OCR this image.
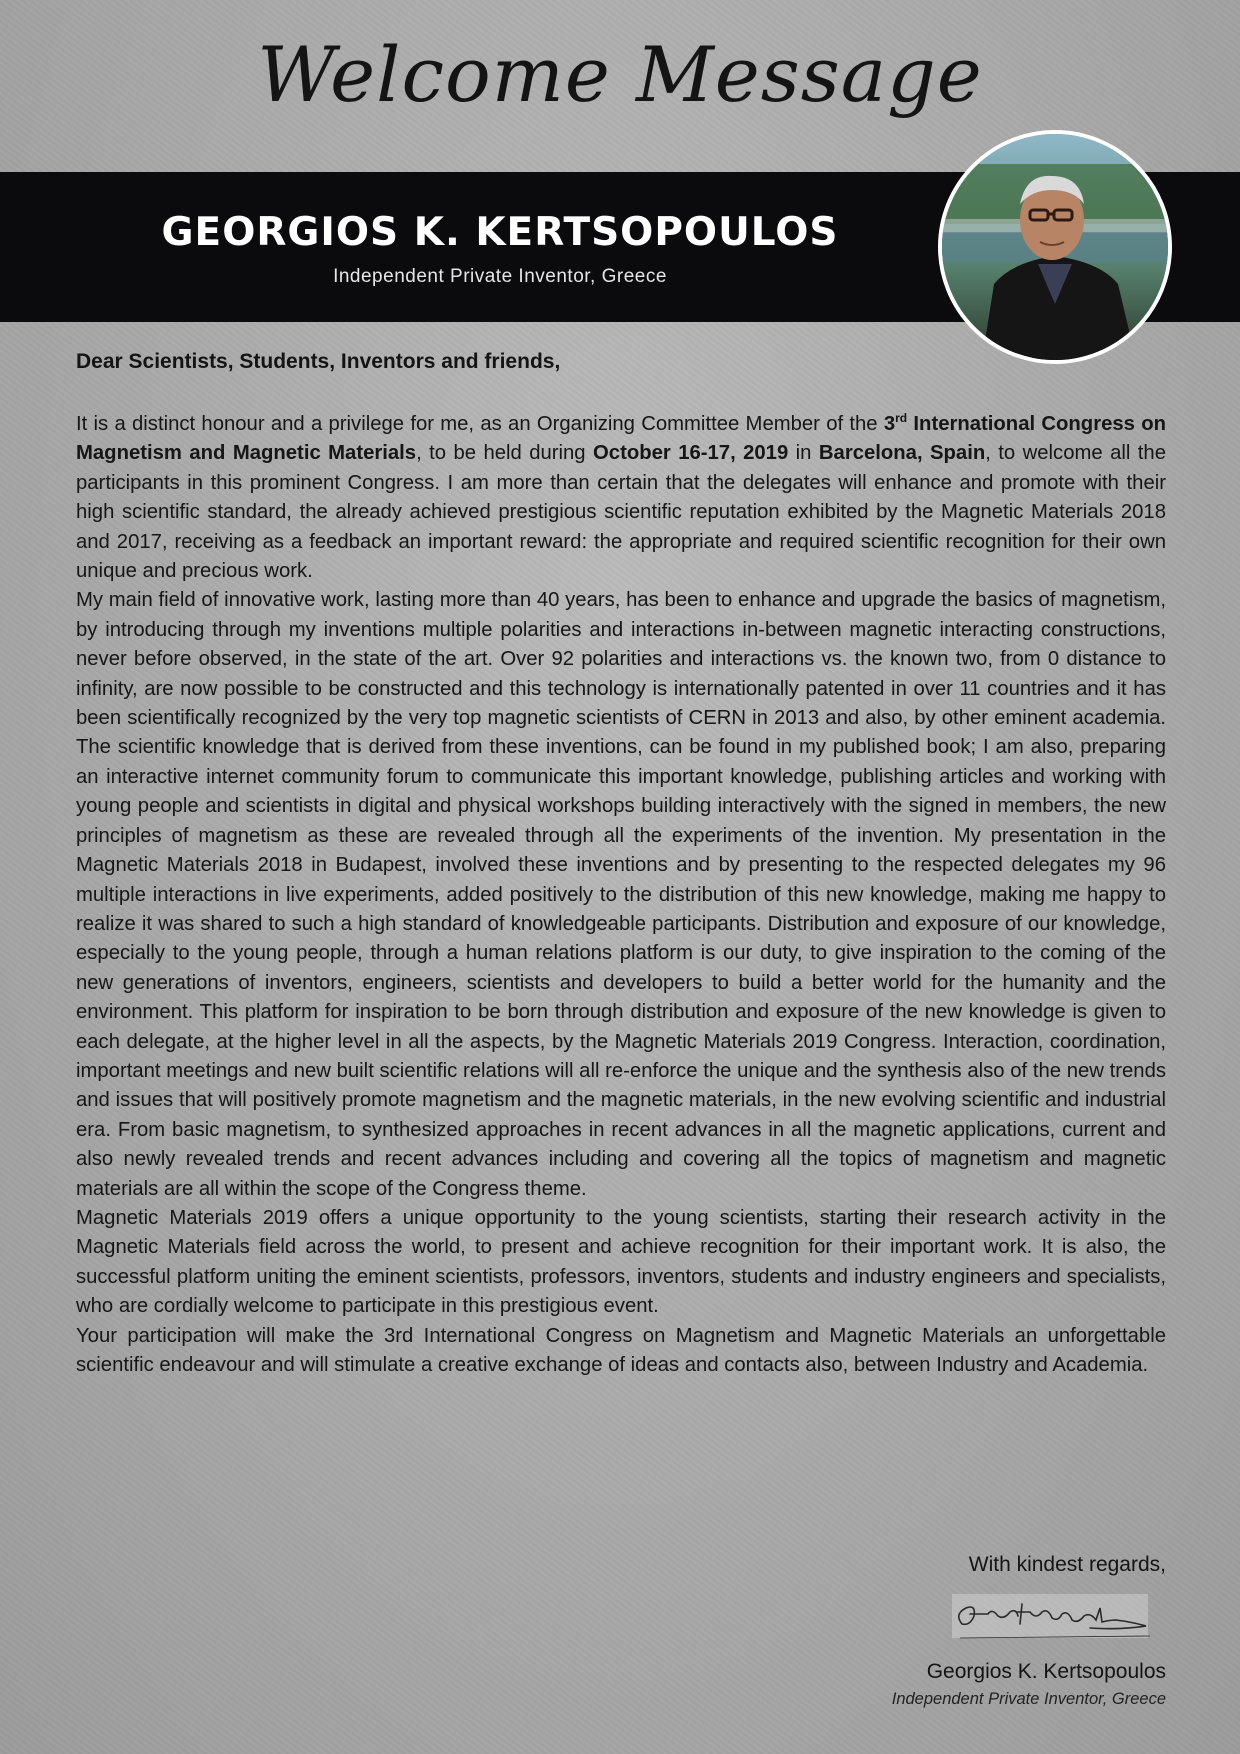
Welcome Message
GEORGIOS K. KERTSOPOULOS

Independent Private Inventor, Greece

Dear Scientists, Students, Inventors and friends,

It is a distinct honour and a privilege for me, as an Organizing Committee Member of the 3rd International Congress on Magnetism and Magnetic Materials, to be held during October 16-17, 2019 in Barcelona, Spain, to welcome all the participants in this prominent Congress. I am more than certain that the delegates will enhance and promote with their high scientific standard, the already achieved prestigious scientific reputation exhibited by the Magnetic Materials 2018 and 2017, receiving as a feedback an important reward: the appropriate and required scientific recognition for their own unique and precious work.

My main field of innovative work, lasting more than 40 years, has been to enhance and upgrade the basics of magnetism, by introducing through my inventions multiple polarities and interactions in-between magnetic interacting constructions, never before observed, in the state of the art. Over 92 polarities and interactions vs. the known two, from 0 distance to infinity, are now possible to be constructed and this technology is internationally patented in over 11 countries and it has been scientifically recognized by the very top magnetic scientists of CERN in 2013 and also, by other eminent academia. The scientific knowledge that is derived from these inventions, can be found in my published book; I am also, preparing an interactive internet community forum to communicate this important knowledge, publishing articles and working with young people and scientists in digital and physical workshops building interactively with the signed in members, the new principles of magnetism as these are revealed through all the experiments of the invention. My presentation in the Magnetic Materials 2018 in Budapest, involved these inventions and by presenting to the respected delegates my 96 multiple interactions in live experiments, added positively to the distribution of this new knowledge, making me happy to realize it was shared to such a high standard of knowledgeable participants. Distribution and exposure of our knowledge, especially to the young people, through a human relations platform is our duty, to give inspiration to the coming of the new generations of inventors, engineers, scientists and developers to build a better world for the humanity and the environment. This platform for inspiration to be born through distribution and exposure of the new knowledge is given to each delegate, at the higher level in all the aspects, by the Magnetic Materials 2019 Congress. Interaction, coordination, important meetings and new built scientific relations will all re-enforce the unique and the synthesis also of the new trends and issues that will positively promote magnetism and the magnetic materials, in the new evolving scientific and industrial era. From basic magnetism, to synthesized approaches in recent advances in all the magnetic applications, current and also newly revealed trends and recent advances including and covering all the topics of magnetism and magnetic materials are all within the scope of the Congress theme.

Magnetic Materials 2019 offers a unique opportunity to the young scientists, starting their research activity in the Magnetic Materials field across the world, to present and achieve recognition for their important work. It is also, the successful platform uniting the eminent scientists, professors, inventors, students and industry engineers and specialists, who are cordially welcome to participate in this prestigious event.

Your participation will make the 3rd International Congress on Magnetism and Magnetic Materials an unforgettable scientific endeavour and will stimulate a creative exchange of ideas and contacts also, between Industry and Academia.

With kindest regards,

Georgios K. Kertsopoulos

Independent Private Inventor, Greece
